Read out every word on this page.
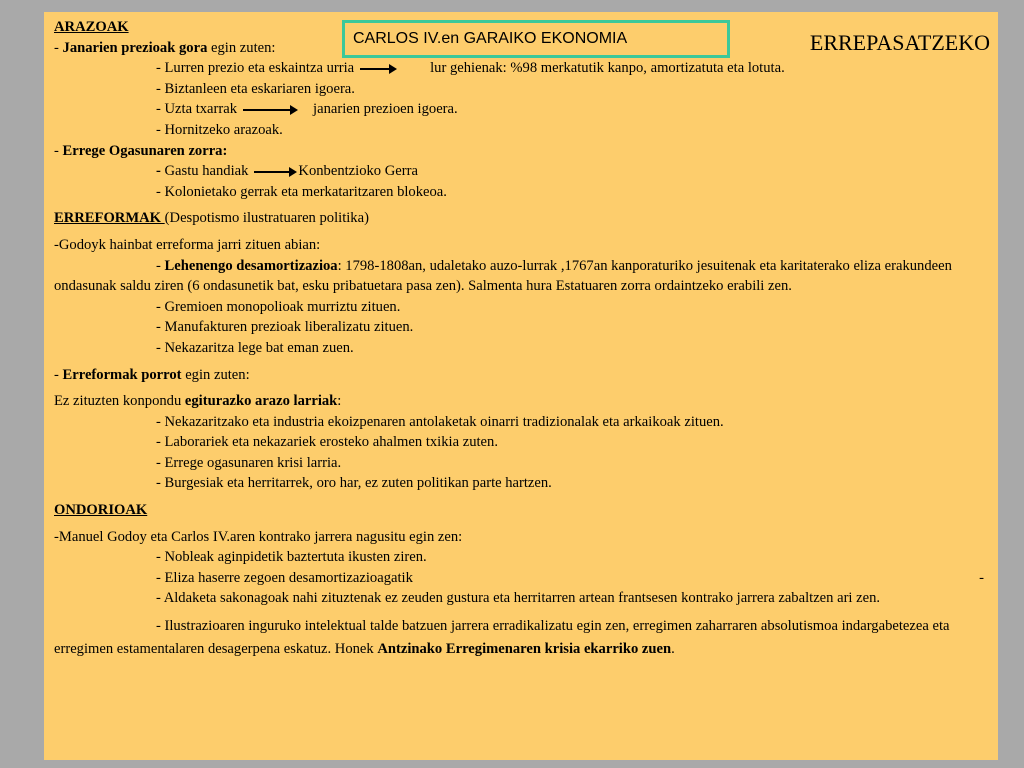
ARAZOAK

- Janarien prezioak gora egin zuten:

- Lurren prezio eta eskaintza urria	lur gehienak: %98 merkatutik kanpo, amortizatuta eta lotuta.

- Biztanleen eta eskariaren igoera.

- Uzta txarrak	janarien prezioen igoera.

- Hornitzeko arazoak.

- Errege Ogasunaren zorra:

- Gastu handiak	Konbentzioko Gerra

- Kolonietako gerrak eta merkataritzaren blokeoa.

ERREFORMAK (Despotismo ilustratuaren politika)

-Godoyk hainbat erreforma jarri zituen abian:

- Lehenengo desamortizazioa: 1798-1808an, udaletako auzo-lurrak ,1767an kanporaturiko jesuitenak eta karitaterako eliza erakundeen ondasunak saldu ziren (6 ondasunetik bat, esku pribatuetara pasa zen). Salmenta hura Estatuaren zorra ordaintzeko erabili zen.

- Gremioen monopolioak murriztu zituen.

- Manufakturen prezioak liberalizatu zituen.

- Nekazaritza lege bat eman zuen.

- Erreformak porrot egin zuten:

Ez zituzten konpondu egiturazko arazo larriak:

- Nekazaritzako eta industria ekoizpenaren antolaketak oinarri tradizionalak eta arkaikoak zituen.

- Laborariek eta nekazariek erosteko ahalmen txikia zuten.

- Errege ogasunaren krisi larria.

- Burgesiak eta herritarrek, oro har, ez zuten politikan parte hartzen.

ONDORIOAK

-Manuel Godoy eta Carlos IV.aren kontrako jarrera nagusitu egin zen:

- Nobleak aginpidetik baztertuta ikusten ziren.

- Eliza haserre zegoen desamortizazioagatik	-

- Aldaketa sakonagoak nahi zituztenak ez zeuden gustura eta herritarren artean frantsesen kontrako jarrera zabaltzen ari zen.

- Ilustrazioaren inguruko intelektual talde batzuen jarrera erradikalizatu egin zen, erregimen zaharraren absolutismoa indargabetezea eta erregimen estamentalaren desagerpena eskatuz. Honek Antzinako Erregimenaren krisia ekarriko zuen.

CARLOS IV.en GARAIKO EKONOMIA	ERREPASATZEKO
